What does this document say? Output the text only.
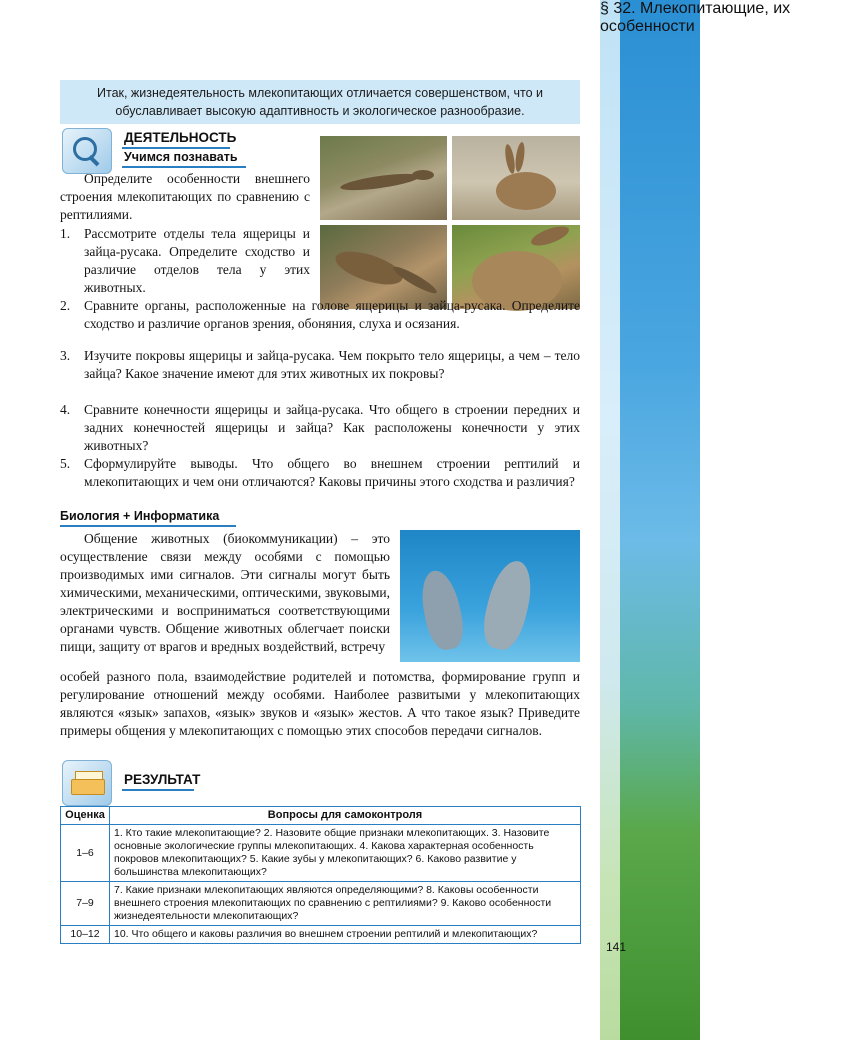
§ 32. Млекопитающие, их особенности
141
Итак, жизнедеятельность млекопитающих отличается совершенством, что и обуславливает высокую адаптивность и экологическое разнообразие.
ДЕЯТЕЛЬНОСТЬ
Учимся познавать
Определите особенности внешнего строения млекопитающих по сравнению с рептилиями.
1. Рассмотрите отделы тела ящерицы и зайца-русака. Определите сходство и различие отделов тела у этих животных.
2. Сравните органы, расположенные на голове ящерицы и зайца-русака. Определите сходство и различие органов зрения, обоняния, слуха и осязания.
3. Изучите покровы ящерицы и зайца-русака. Чем покрыто тело ящерицы, а чем – тело зайца? Какое значение имеют для этих животных их покровы?
4. Сравните конечности ящерицы и зайца-русака. Что общего в строении передних и задних конечностей ящерицы и зайца? Как расположены конечности у этих животных?
5. Сформулируйте выводы. Что общего во внешнем строении рептилий и млекопитающих и чем они отличаются? Каковы причины этого сходства и различия?
Биология + Информатика
Общение животных (биокоммуникации) – это осуществление связи между особями с помощью производимых ими сигналов. Эти сигналы могут быть химическими, механическими, оптическими, звуковыми, электрическими и восприниматься соответствующими органами чувств. Общение животных облегчает поиски пищи, защиту от врагов и вредных воздействий, встречу
особей разного пола, взаимодействие родителей и потомства, формирование групп и регулирование отношений между особями. Наиболее развитыми у млекопитающих являются «язык» запахов, «язык» звуков и «язык» жестов. А что такое язык? Приведите примеры общения у млекопитающих с помощью этих способов передачи сигналов.
РЕЗУЛЬТАТ
Оценка	Вопросы для самоконтроля
1–6	1. Кто такие млекопитающие? 2. Назовите общие признаки млекопитающих. 3. Назовите основные экологические группы млекопитающих. 4. Какова характерная особенность покровов млекопитающих? 5. Какие зубы у млекопитающих? 6. Каково развитие у большинства млекопитающих?
7–9	7. Какие признаки млекопитающих являются определяющими? 8. Каковы особенности внешнего строения млекопитающих по сравнению с рептилиями? 9. Каково особенности жизнедеятельности млекопитающих?
10–12	10. Что общего и каковы различия во внешнем строении рептилий и млекопитающих?
